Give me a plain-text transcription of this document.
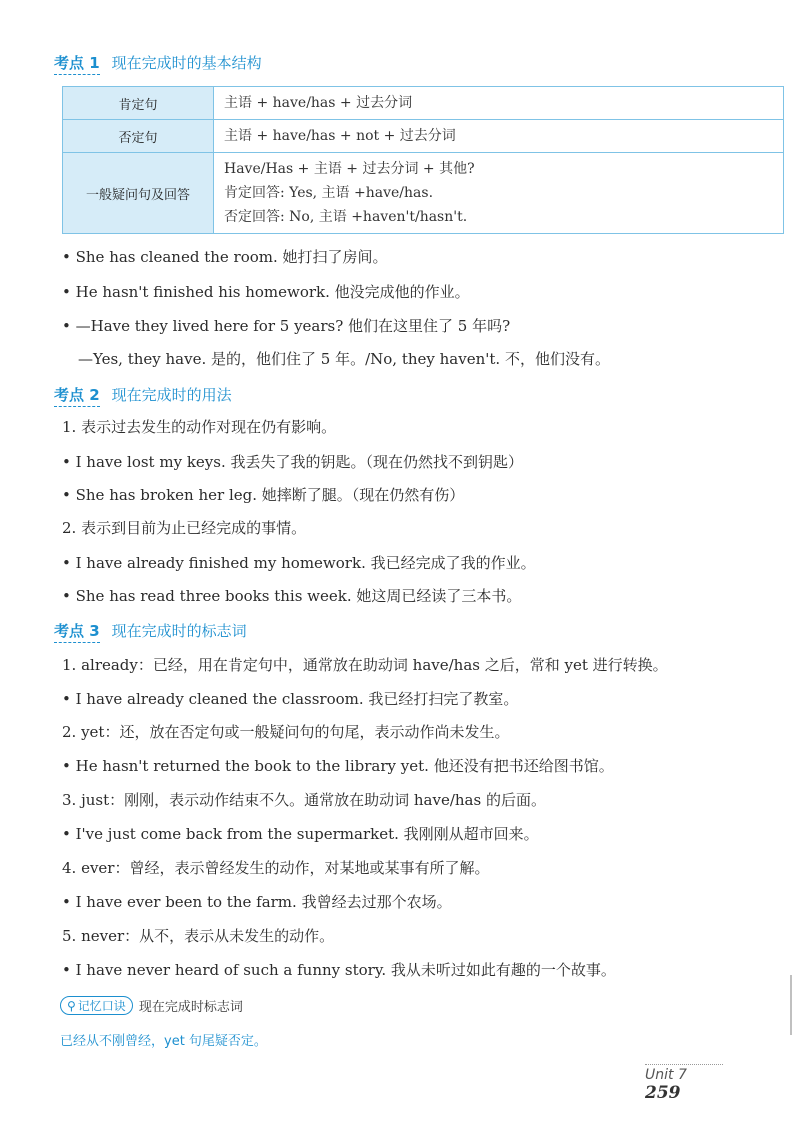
考点 1 现在完成时的基本结构
肯定句	主语 + have/has + 过去分词
否定句	主语 + have/has + not + 过去分词
一般疑问句及回答	Have/Has + 主语 + 过去分词 + 其他?
肯定回答: Yes, 主语 +have/has.
否定回答: No, 主语 +haven't/hasn't.
• She has cleaned the room. 她打扫了房间。
• He hasn't finished his homework. 他没完成他的作业。
• —Have they lived here for 5 years? 他们在这里住了 5 年吗?
—Yes, they have. 是的，他们住了 5 年。/No, they haven't. 不，他们没有。
考点 2 现在完成时的用法
1. 表示过去发生的动作对现在仍有影响。
• I have lost my keys. 我丢失了我的钥匙。（现在仍然找不到钥匙）
• She has broken her leg. 她摔断了腿。（现在仍然有伤）
2. 表示到目前为止已经完成的事情。
• I have already finished my homework. 我已经完成了我的作业。
• She has read three books this week. 她这周已经读了三本书。
考点 3 现在完成时的标志词
1. already：已经，用在肯定句中，通常放在助动词 have/has 之后，常和 yet 进行转换。
• I have already cleaned the classroom. 我已经打扫完了教室。
2. yet：还，放在否定句或一般疑问句的句尾，表示动作尚未发生。
• He hasn't returned the book to the library yet. 他还没有把书还给图书馆。
3. just：刚刚，表示动作结束不久。通常放在助动词 have/has 的后面。
• I've just come back from the supermarket. 我刚刚从超市回来。
4. ever：曾经，表示曾经发生的动作，对某地或某事有所了解。
• I have ever been to the farm. 我曾经去过那个农场。
5. never：从不，表示从未发生的动作。
• I have never heard of such a funny story. 我从未听过如此有趣的一个故事。
⚲ 记忆口诀 现在完成时标志词
已经从不刚曾经，yet 句尾疑否定。
Unit 7 259
